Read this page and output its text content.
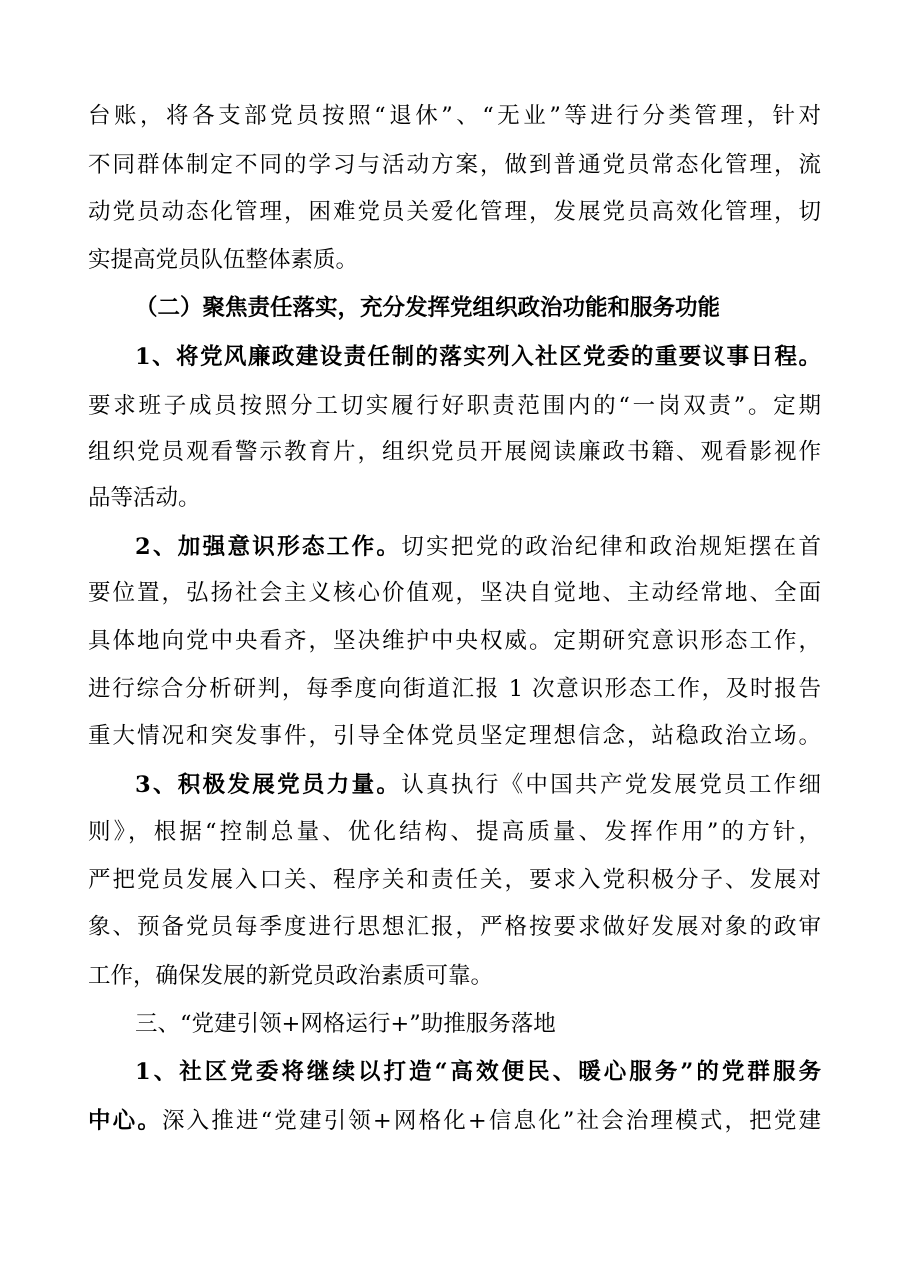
台账，将各支部党员按照“退休”、“无业”等进行分类管理，针对
不同群体制定不同的学习与活动方案，做到普通党员常态化管理，流
动党员动态化管理，困难党员关爱化管理，发展党员高效化管理，切
实提高党员队伍整体素质。
（二）聚焦责任落实，充分发挥党组织政治功能和服务功能
1、将党风廉政建设责任制的落实列入社区党委的重要议事日程。
要求班子成员按照分工切实履行好职责范围内的“一岗双责”。定期
组织党员观看警示教育片，组织党员开展阅读廉政书籍、观看影视作
品等活动。
2、加强意识形态工作。切实把党的政治纪律和政治规矩摆在首
要位置，弘扬社会主义核心价值观，坚决自觉地、主动经常地、全面
具体地向党中央看齐，坚决维护中央权威。定期研究意识形态工作，
进行综合分析研判，每季度向街道汇报 1 次意识形态工作，及时报告
重大情况和突发事件，引导全体党员坚定理想信念，站稳政治立场。
3、积极发展党员力量。认真执行《中国共产党发展党员工作细
则》，根据“控制总量、优化结构、提高质量、发挥作用”的方针，
严把党员发展入口关、程序关和责任关，要求入党积极分子、发展对
象、预备党员每季度进行思想汇报，严格按要求做好发展对象的政审
工作，确保发展的新党员政治素质可靠。
三、“党建引领+网格运行+”助推服务落地
1、社区党委将继续以打造“高效便民、暖心服务”的党群服务
中心。深入推进“党建引领+网格化+信息化”社会治理模式，把党建
